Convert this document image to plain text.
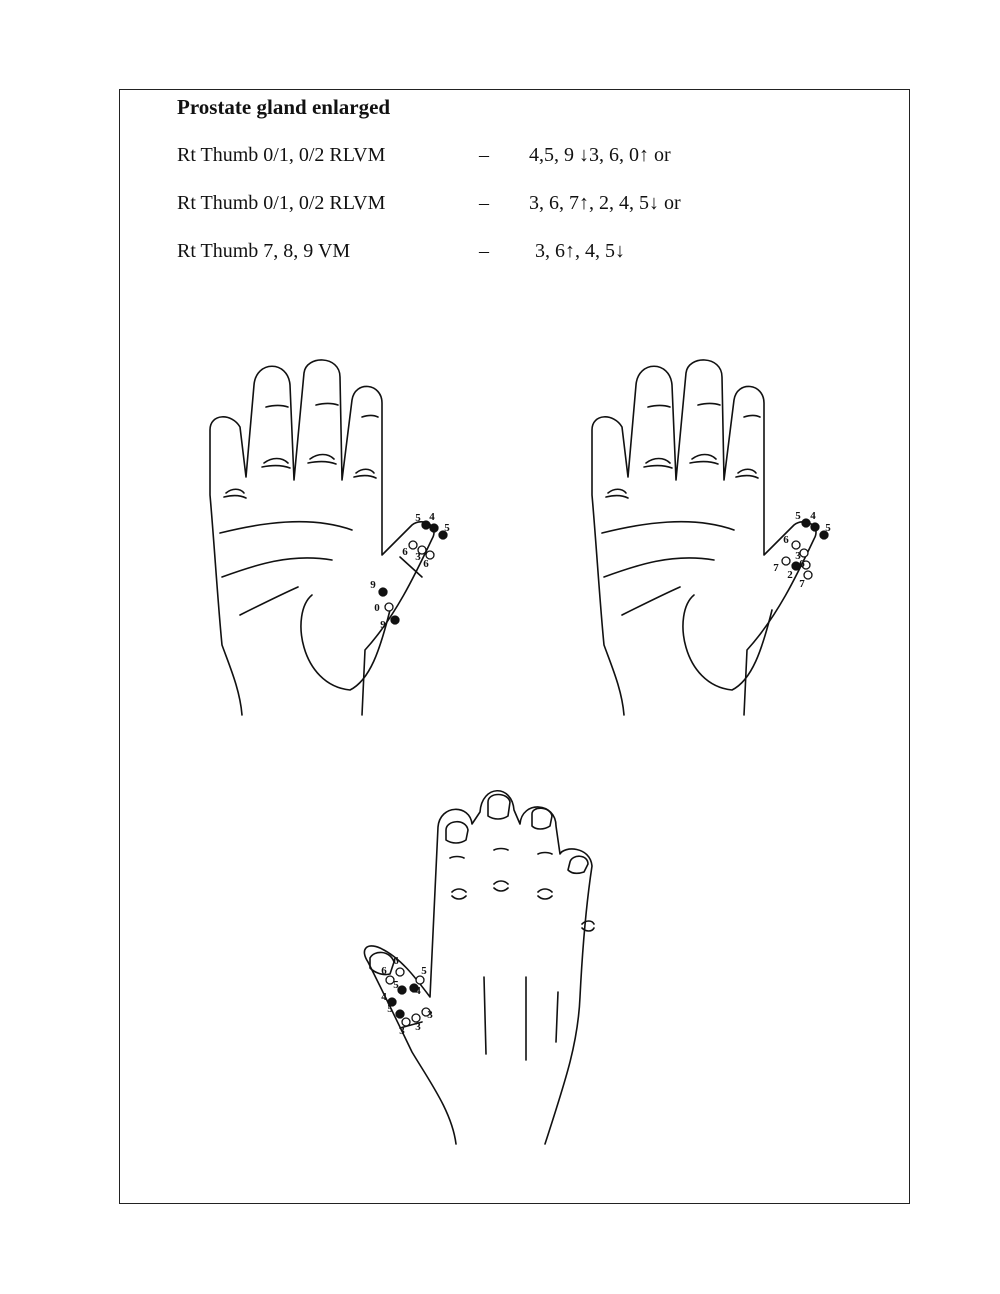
Prostate gland enlarged
Rt Thumb 0/1, 0/2 RLVM	– 4,5, 9 ↓3, 6, 0↑ or
Rt Thumb 0/1, 0/2 RLVM	– 3, 6, 7↑, 2, 4, 5↓ or
Rt Thumb 7, 8, 9 VM	– 3, 6↑, 4, 5↓
5 4
5
6 3
6
9
0
9
5 4
5
6
3
7
2
6
7
6
6	5
5 4
4
5
3 3
3
